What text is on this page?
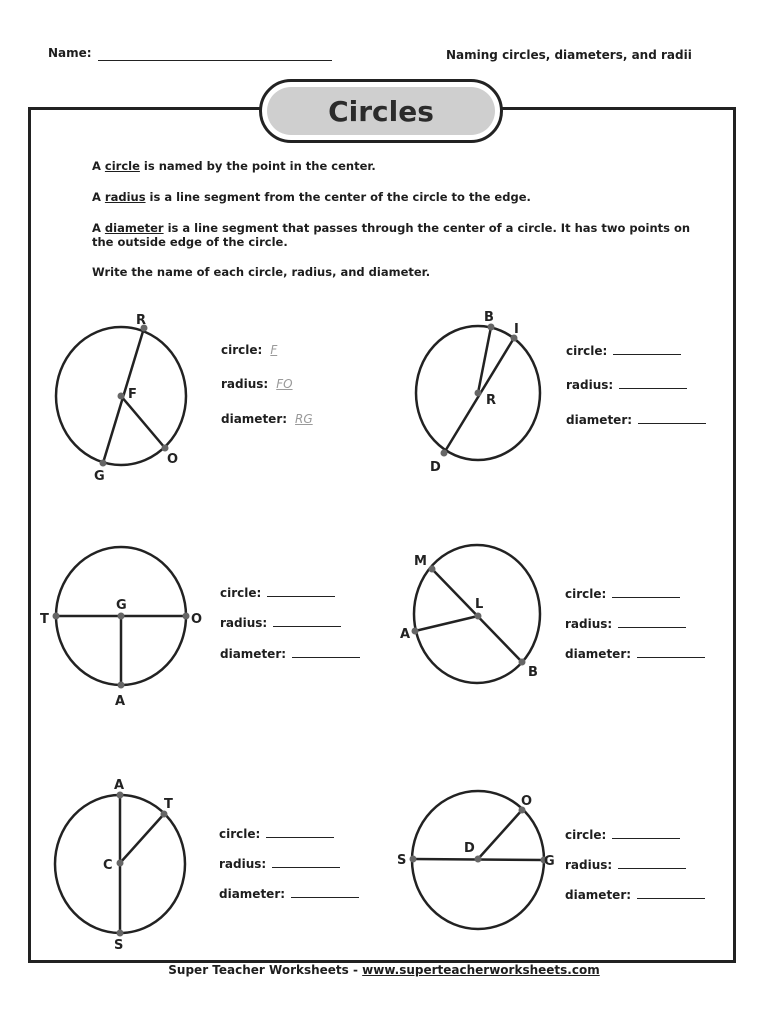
Name:	Naming circles, diameters, and radii
Circles
A circle is named by the point in the center.
A radius is a line segment from the center of the circle to the edge.
A diameter is a line segment that passes through the center of a circle. It has two points on the outside edge of the circle.
Write the name of each circle, radius, and diameter.
R
F
O
G
circle: F
radius: FO
diameter: RG
B
I
R
D
circle:
radius:
diameter:
G
T	O
A
circle:
radius:
diameter:
M
L
A
B
circle:
radius:
diameter:
A
T
C
S
circle:
radius:
diameter:
O
S
D
G
circle:
radius:
diameter:
Super Teacher Worksheets - www.superteacherworksheets.com
